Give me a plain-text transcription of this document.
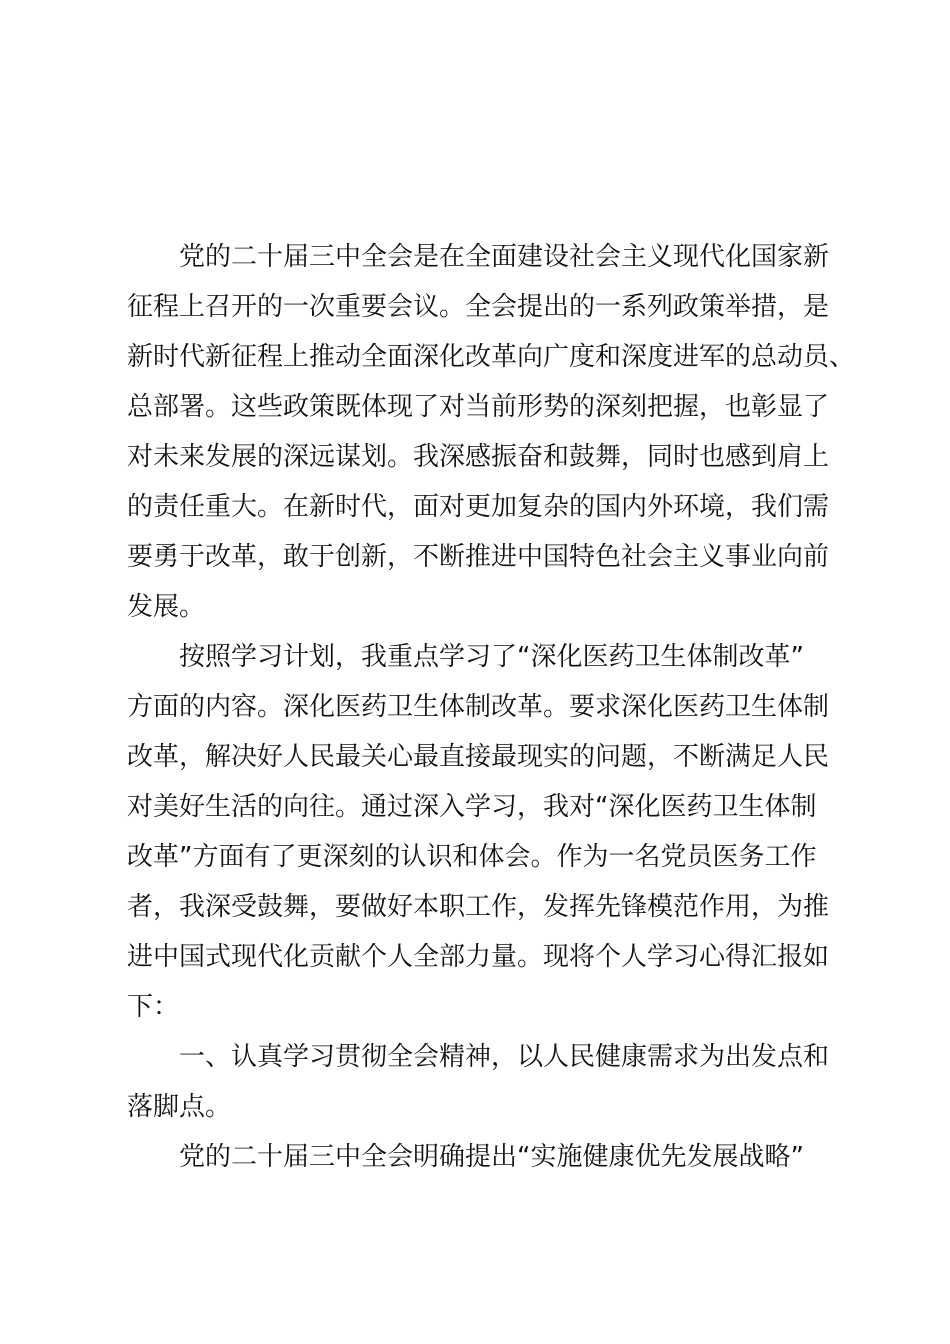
党的二十届三中全会是在全面建设社会主义现代化国家新
征程上召开的一次重要会议。全会提出的一系列政策举措，是
新时代新征程上推动全面深化改革向广度和深度进军的总动员、
总部署。这些政策既体现了对当前形势的深刻把握，也彰显了
对未来发展的深远谋划。我深感振奋和鼓舞，同时也感到肩上
的责任重大。在新时代，面对更加复杂的国内外环境，我们需
要勇于改革，敢于创新，不断推进中国特色社会主义事业向前
发展。
按照学习计划，我重点学习了“深化医药卫生体制改革”
方面的内容。深化医药卫生体制改革。要求深化医药卫生体制
改革，解决好人民最关心最直接最现实的问题，不断满足人民
对美好生活的向往。通过深入学习，我对“深化医药卫生体制
改革”方面有了更深刻的认识和体会。作为一名党员医务工作
者，我深受鼓舞，要做好本职工作，发挥先锋模范作用，为推
进中国式现代化贡献个人全部力量。现将个人学习心得汇报如
下：
一、认真学习贯彻全会精神，以人民健康需求为出发点和
落脚点。
党的二十届三中全会明确提出“实施健康优先发展战略”
